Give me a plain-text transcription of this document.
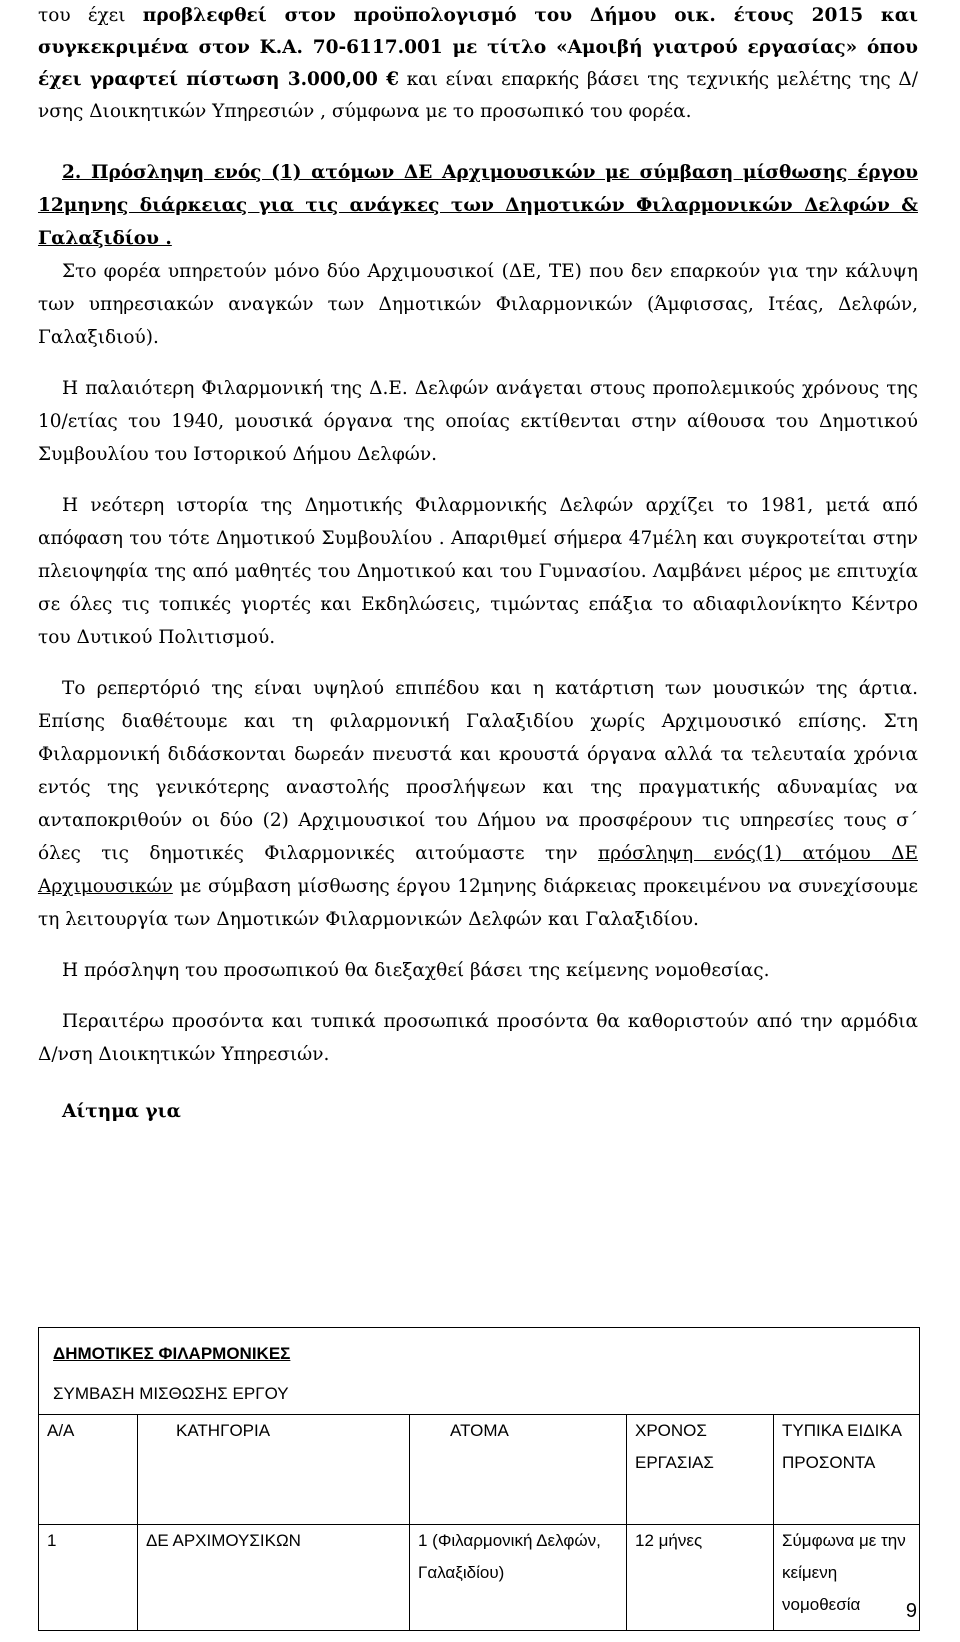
του έχει προβλεφθεί στον προϋπολογισμό του Δήμου οικ. έτους 2015 και συγκεκριμένα στον Κ.Α. 70-6117.001 με τίτλο «Αμοιβή γιατρού εργασίας» όπου έχει γραφτεί πίστωση 3.000,00 € και είναι επαρκής βάσει της τεχνικής μελέτης της Δ/νσης Διοικητικών Υπηρεσιών , σύμφωνα με το προσωπικό του φορέα.

2. Πρόσληψη ενός (1) ατόμων ΔΕ Αρχιμουσικών με σύμβαση μίσθωσης έργου 12μηνης διάρκειας για τις ανάγκες των Δημοτικών Φιλαρμονικών Δελφών & Γαλαξιδίου .

Στο φορέα υπηρετούν μόνο δύο Αρχιμουσικοί (ΔΕ, ΤΕ) που δεν επαρκούν για την κάλυψη των υπηρεσιακών αναγκών των Δημοτικών Φιλαρμονικών (Άμφισσας, Ιτέας, Δελφών, Γαλαξιδιού).

Η παλαιότερη Φιλαρμονική της Δ.Ε. Δελφών ανάγεται στους προπολεμικούς χρόνους της 10/ετίας του 1940, μουσικά όργανα της οποίας εκτίθενται στην αίθουσα του Δημοτικού Συμβουλίου του Ιστορικού Δήμου Δελφών.

Η νεότερη ιστορία της Δημοτικής Φιλαρμονικής Δελφών αρχίζει το 1981, μετά από απόφαση του τότε Δημοτικού Συμβουλίου . Απαριθμεί σήμερα 47μέλη και συγκροτείται στην πλειοψηφία της από μαθητές του Δημοτικού και του Γυμνασίου. Λαμβάνει μέρος με επιτυχία σε όλες τις τοπικές γιορτές και Εκδηλώσεις, τιμώντας επάξια το αδιαφιλονίκητο Κέντρο του Δυτικού Πολιτισμού.

Το ρεπερτόριό της είναι υψηλού επιπέδου και η κατάρτιση των μουσικών της άρτια. Επίσης διαθέτουμε και τη φιλαρμονική Γαλαξιδίου χωρίς Αρχιμουσικό επίσης. Στη Φιλαρμονική διδάσκονται δωρεάν πνευστά και κρουστά όργανα αλλά τα τελευταία χρόνια εντός της γενικότερης αναστολής προσλήψεων και της πραγματικής αδυναμίας να ανταποκριθούν οι δύο (2) Αρχιμουσικοί του Δήμου να προσφέρουν τις υπηρεσίες τους σ΄ όλες τις δημοτικές Φιλαρμονικές αιτούμαστε την πρόσληψη ενός(1) ατόμου ΔΕ Αρχιμουσικών με σύμβαση μίσθωσης έργου 12μηνης διάρκειας προκειμένου να συνεχίσουμε τη λειτουργία των Δημοτικών Φιλαρμονικών Δελφών και Γαλαξιδίου.

Η πρόσληψη του προσωπικού θα διεξαχθεί βάσει της κείμενης νομοθεσίας.

Περαιτέρω προσόντα και τυπικά προσωπικά προσόντα θα καθοριστούν από την αρμόδια Δ/νση Διοικητικών Υπηρεσιών.

Αίτημα για

ΔΗΜΟΤΙΚΕΣ ΦΙΛΑΡΜΟΝΙΚΕΣ
ΣΥΜΒΑΣΗ ΜΙΣΘΩΣΗΣ ΕΡΓΟΥ				

Α/Α	ΚΑΤΗΓΟΡΙΑ	ΑΤΟΜΑ	ΧΡΟΝΟΣ ΕΡΓΑΣΙΑΣ	ΤΥΠΙΚΑ ΕΙΔΙΚΑ ΠΡΟΣΟΝΤΑ
1	ΔΕ ΑΡΧΙΜΟΥΣΙΚΩΝ	1 (Φιλαρμονική Δελφών, Γαλαξιδίου)	12 μήνες	Σύμφωνα με την κείμενη νομοθεσία 9
